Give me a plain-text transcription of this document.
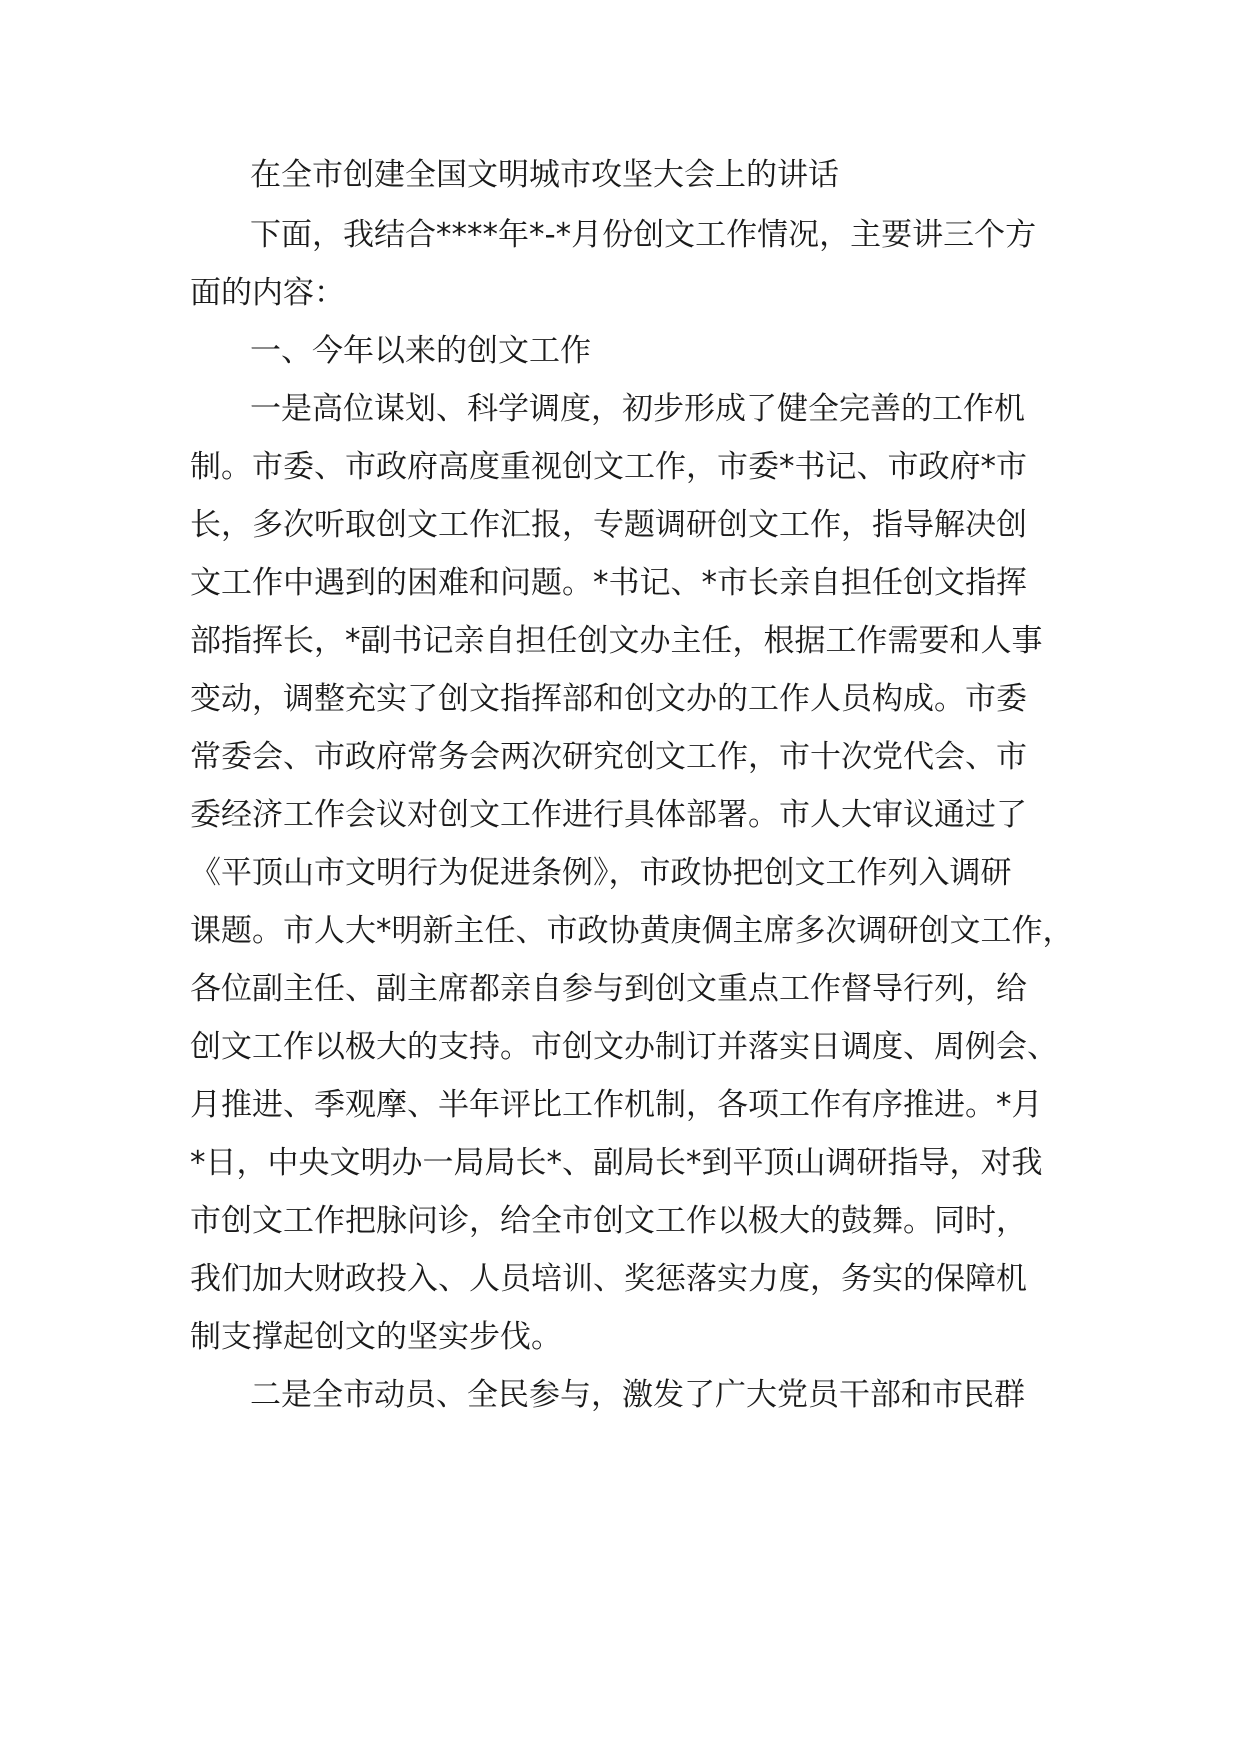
在全市创建全国文明城市攻坚大会上的讲话
下面，我结合****年*-*月份创文工作情况，主要讲三个方
面的内容：
一、今年以来的创文工作
一是高位谋划、科学调度，初步形成了健全完善的工作机
制。市委、市政府高度重视创文工作，市委*书记、市政府*市
长，多次听取创文工作汇报，专题调研创文工作，指导解决创
文工作中遇到的困难和问题。*书记、*市长亲自担任创文指挥
部指挥长，*副书记亲自担任创文办主任，根据工作需要和人事
变动，调整充实了创文指挥部和创文办的工作人员构成。市委
常委会、市政府常务会两次研究创文工作，市十次党代会、市
委经济工作会议对创文工作进行具体部署。市人大审议通过了
《平顶山市文明行为促进条例》，市政协把创文工作列入调研
课题。市人大*明新主任、市政协黄庚倜主席多次调研创文工作，
各位副主任、副主席都亲自参与到创文重点工作督导行列，给
创文工作以极大的支持。市创文办制订并落实日调度、周例会、
月推进、季观摩、半年评比工作机制，各项工作有序推进。*月
*日，中央文明办一局局长*、副局长*到平顶山调研指导，对我
市创文工作把脉问诊，给全市创文工作以极大的鼓舞。同时，
我们加大财政投入、人员培训、奖惩落实力度，务实的保障机
制支撑起创文的坚实步伐。
二是全市动员、全民参与，激发了广大党员干部和市民群
